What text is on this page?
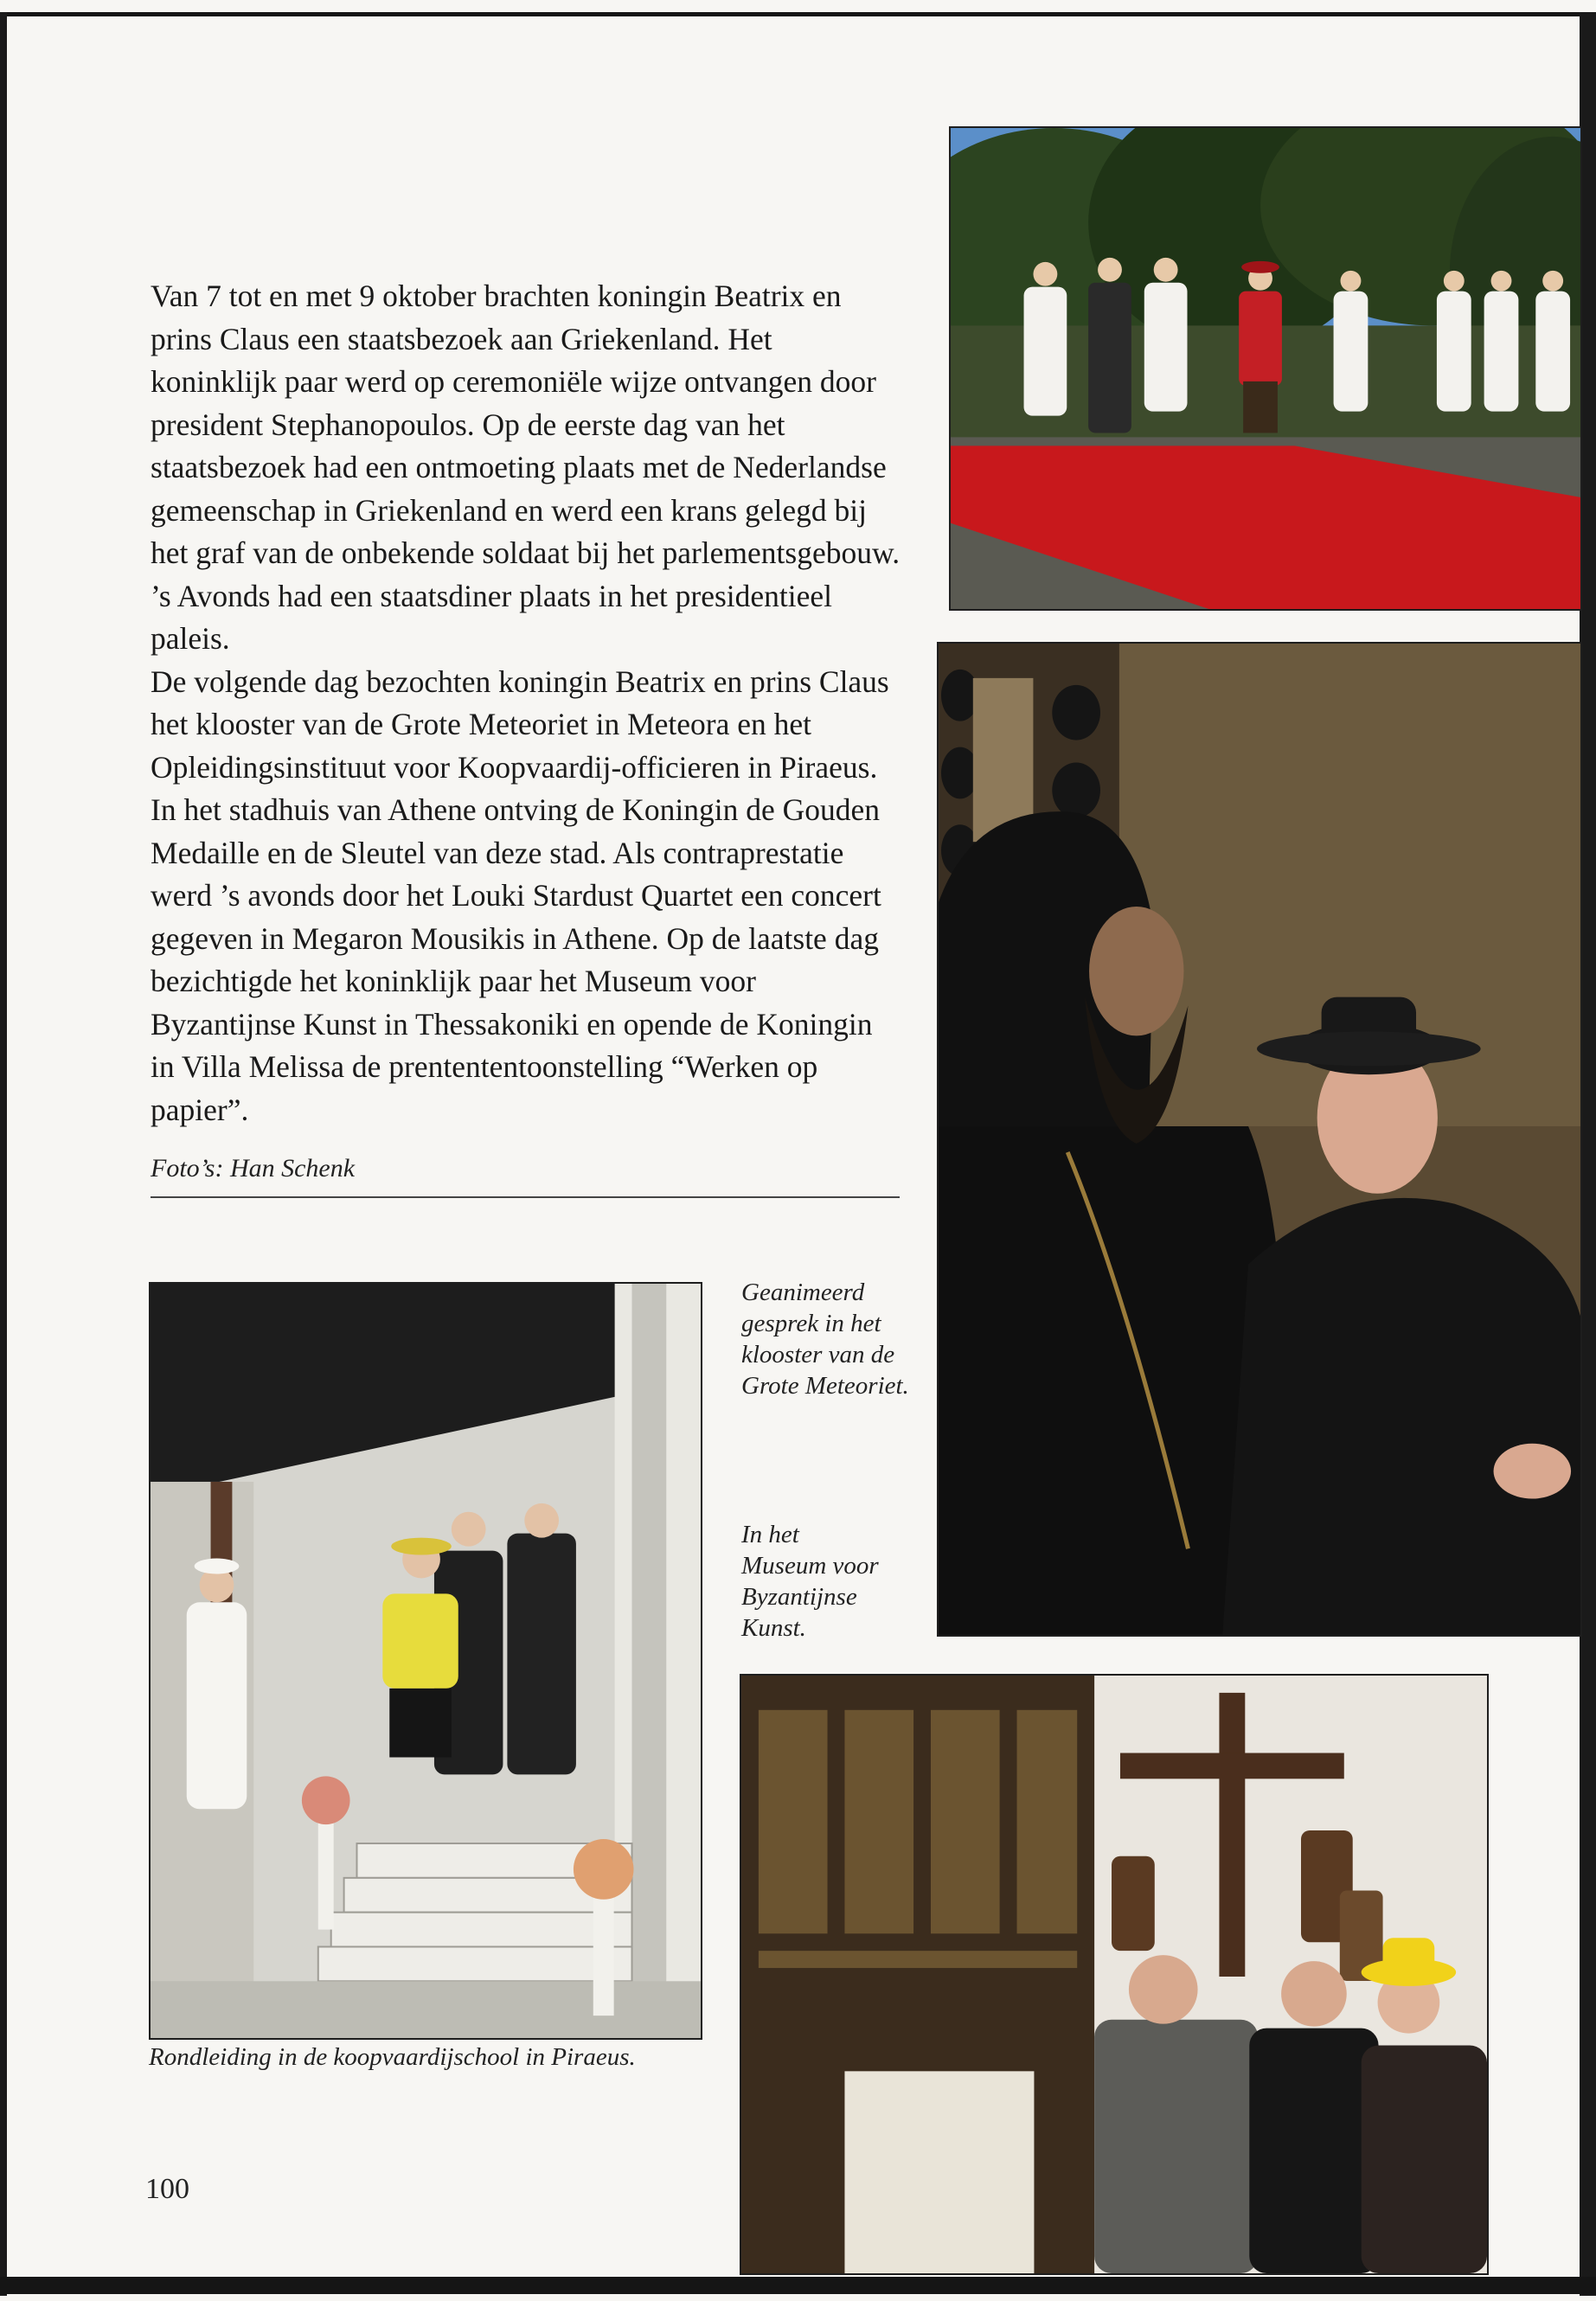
Van 7 tot en met 9 oktober brachten koningin Beatrix en prins Claus een staatsbezoek aan Griekenland. Het koninklijk paar werd op ceremoniële wijze ontvangen door president Stephanopoulos. Op de eerste dag van het staatsbezoek had een ontmoeting plaats met de Nederlandse gemeenschap in Griekenland en werd een krans gelegd bij het graf van de onbekende soldaat bij het parlementsgebouw. ’s Avonds had een staatsdiner plaats in het presidentieel paleis.

De volgende dag bezochten koningin Beatrix en prins Claus het klooster van de Grote Meteoriet in Meteora en het Opleidingsinstituut voor Koopvaardij-officieren in Piraeus. In het stadhuis van Athene ontving de Koningin de Gouden Medaille en de Sleutel van deze stad. Als contraprestatie werd ’s avonds door het Louki Stardust Quartet een concert gegeven in Megaron Mousikis in Athene. Op de laatste dag bezichtigde het koninklijk paar het Museum voor Byzantijnse Kunst in Thessakoniki en opende de Koningin in Villa Melissa de prentententoonstelling “Werken op papier”.

Foto’s: Han Schenk
Geanimeerd gesprek in het klooster van de Grote Meteoriet.
In het Museum voor Byzantijnse Kunst.
Rondleiding in de koopvaardijschool in Piraeus.
100
